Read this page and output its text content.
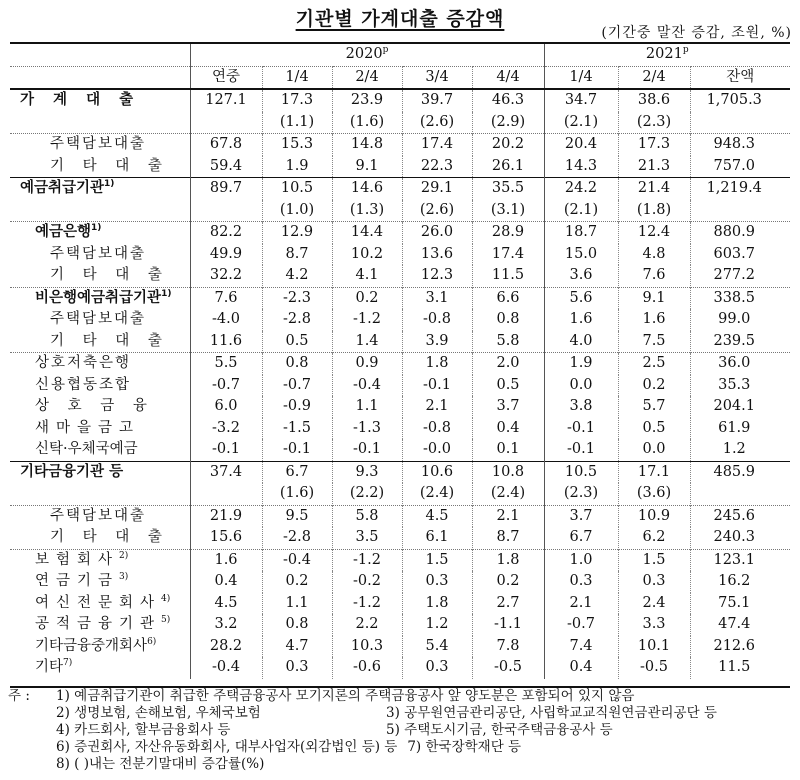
기관별 가계대출 증감액
(기간중 말잔 증감, 조원, %)
	2020$^p$					2021$^p$
	연중	1/4	2/4	3/4	4/4	1/4	2/4	잔액
가 계 대 출	127.1	17.3	23.9	39.7	46.3	34.7	38.6	1,705.3
		(1.1)	(1.6)	(2.6)	(2.9)	(2.1)	(2.3)	
주택담보대출	67.8	15.3	14.8	17.4	20.2	20.4	17.3	948.3
기 타 대 출	59.4	1.9	9.1	22.3	26.1	14.3	21.3	757.0
예금취급기관$^{1)}$	89.7	10.5	14.6	29.1	35.5	24.2	21.4	1,219.4
		(1.0)	(1.3)	(2.6)	(3.1)	(2.1)	(1.8)	
예금은행$^{1)}$	82.2	12.9	14.4	26.0	28.9	18.7	12.4	880.9
주택담보대출	49.9	8.7	10.2	13.6	17.4	15.0	4.8	603.7
기 타 대 출	32.2	4.2	4.1	12.3	11.5	3.6	7.6	277.2
비은행예금취급기관$^{1)}$	7.6	-2.3	0.2	3.1	6.6	5.6	9.1	338.5
주택담보대출	-4.0	-2.8	-1.2	-0.8	0.8	1.6	1.6	99.0
기 타 대 출	11.6	0.5	1.4	3.9	5.8	4.0	7.5	239.5
상호저축은행	5.5	0.8	0.9	1.8	2.0	1.9	2.5	36.0
신용협동조합	-0.7	-0.7	-0.4	-0.1	0.5	0.0	0.2	35.3
상 호 금 융	6.0	-0.9	1.1	2.1	3.7	3.8	5.7	204.1
새마을금고	-3.2	-1.5	-1.3	-0.8	0.4	-0.1	0.5	61.9
신탁·우체국예금	-0.1	-0.1	-0.1	-0.0	0.1	-0.1	0.0	1.2
기타금융기관 등	37.4	6.7	9.3	10.6	10.8	10.5	17.1	485.9
		(1.6)	(2.2)	(2.4)	(2.4)	(2.3)	(3.6)	
주택담보대출	21.9	9.5	5.8	4.5	2.1	3.7	10.9	245.6
기 타 대 출	15.6	-2.8	3.5	6.1	8.7	6.7	6.2	240.3
보험회사$^{2)}$	1.6	-0.4	-1.2	1.5	1.8	1.0	1.5	123.1
연금기금$^{3)}$	0.4	0.2	-0.2	0.3	0.2	0.3	0.3	16.2
여신전문회사$^{4)}$	4.5	1.1	-1.2	1.8	2.7	2.1	2.4	75.1
공적금융기관$^{5)}$	3.2	0.8	2.2	1.2	-1.1	-0.7	3.3	47.4
기타금융중개회사$^{6)}$	28.2	4.7	10.3	5.4	7.8	7.4	10.1	212.6
기타$^{7)}$	-0.4	0.3	-0.6	0.3	-0.5	0.4	-0.5	11.5
주 :	1) 예금취급기관이 취급한 주택금융공사 모기지론의 주택금융공사 앞 양도분은 포함되어 있지 않음
2) 생명보험, 손해보험, 우체국보험	3) 공무원연금관리공단, 사립학교교직원연금관리공단 등
4) 카드회사, 할부금융회사 등	5) 주택도시기금, 한국주택금융공사 등
6) 증권회사, 자산유동화회사, 대부사업자(외감법인 등) 등 7) 한국장학재단 등
8) ( )내는 전분기말대비 증감률(%)
